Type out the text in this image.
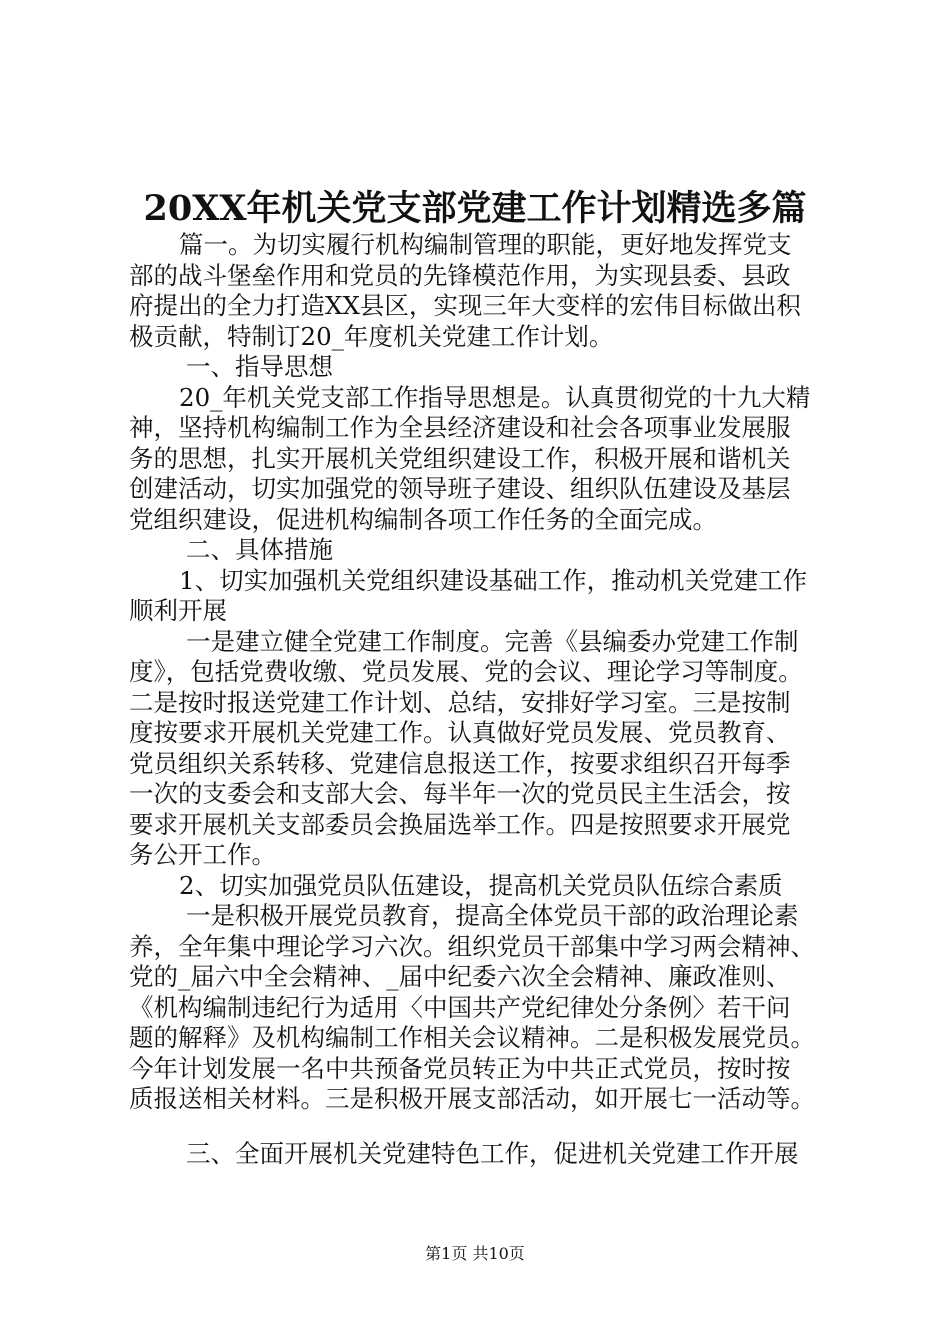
20XX年机关党支部党建工作计划精选多篇
篇一。为切实履行机构编制管理的职能，更好地发挥党支
部的战斗堡垒作用和党员的先锋模范作用，为实现县委、县政
府提出的全力打造XX县区，实现三年大变样的宏伟目标做出积
极贡献，特制订20_年度机关党建工作计划。
一、指导思想
20_年机关党支部工作指导思想是。认真贯彻党的十九大精
神，坚持机构编制工作为全县经济建设和社会各项事业发展服
务的思想，扎实开展机关党组织建设工作，积极开展和谐机关
创建活动，切实加强党的领导班子建设、组织队伍建设及基层
党组织建设，促进机构编制各项工作任务的全面完成。
二、具体措施
1、切实加强机关党组织建设基础工作，推动机关党建工作
顺利开展
一是建立健全党建工作制度。完善《县编委办党建工作制
度》，包括党费收缴、党员发展、党的会议、理论学习等制度。
二是按时报送党建工作计划、总结，安排好学习室。三是按制
度按要求开展机关党建工作。认真做好党员发展、党员教育、
党员组织关系转移、党建信息报送工作，按要求组织召开每季
一次的支委会和支部大会、每半年一次的党员民主生活会，按
要求开展机关支部委员会换届选举工作。四是按照要求开展党
务公开工作。
2、切实加强党员队伍建设，提高机关党员队伍综合素质
一是积极开展党员教育，提高全体党员干部的政治理论素
养，全年集中理论学习六次。组织党员干部集中学习两会精神、
党的_届六中全会精神、_届中纪委六次全会精神、廉政准则、
《机构编制违纪行为适用〈中国共产党纪律处分条例〉若干问
题的解释》及机构编制工作相关会议精神。二是积极发展党员。
今年计划发展一名中共预备党员转正为中共正式党员，按时按
质报送相关材料。三是积极开展支部活动，如开展七一活动等。
三、全面开展机关党建特色工作，促进机关党建工作开展
第1页 共10页
